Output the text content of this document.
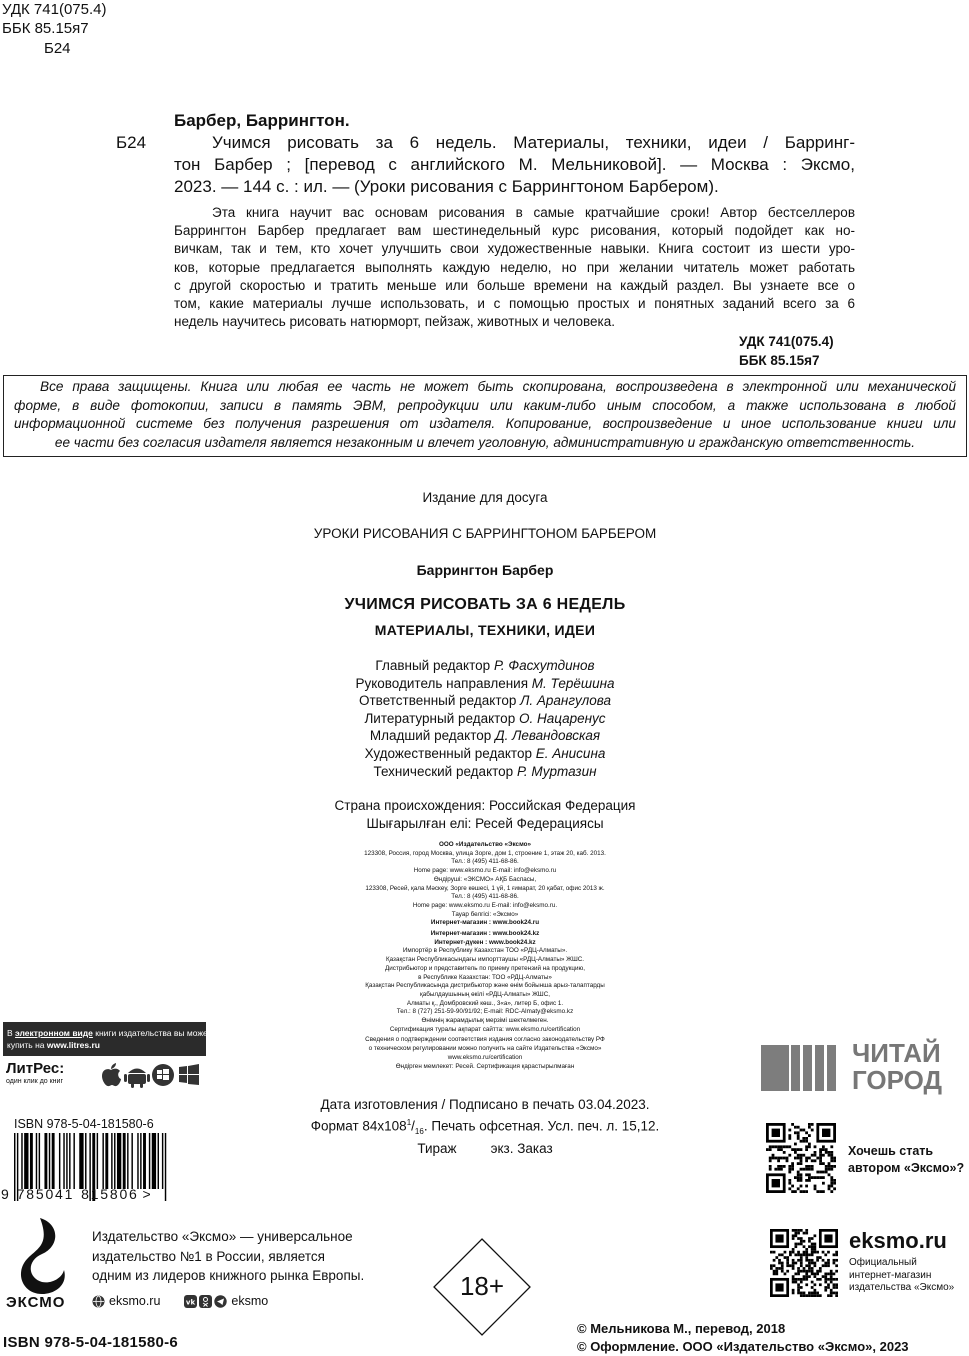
УДК 741(075.4)
ББК 85.15я7
Б24
Барбер, Баррингтон.
Учимся рисовать за 6 недель. Материалы, техники, идеи / Барринг-
тон Барбер ; [перевод с английского М. Мельниковой]. — Москва : Эксмо,
2023. — 144 с. : ил. — (Уроки рисования с Баррингтоном Барбером).
Эта книга научит вас основам рисования в самые кратчайшие сроки! Автор бестселлеров
Баррингтон Барбер предлагает вам шестинедельный курс рисования, который подойдет как но-
вичкам, так и тем, кто хочет улучшить свои художественные навыки. Книга состоит из шести уро-
ков, которые предлагается выполнять каждую неделю, но при желании читатель может работать
с другой скоростью и тратить меньше или больше времени на каждый раздел. Вы узнаете все о
том, какие материалы лучше использовать, и с помощью простых и понятных заданий всего за 6
недель научитесь рисовать натюрморт, пейзаж, животных и человека.
УДК 741(075.4)
ББК 85.15я7
Б24
Все права защищены. Книга или любая ее часть не может быть скопирована, воспроизведена в электронной или механической
форме, в виде фотокопии, записи в память ЭВМ, репродукции или каким-либо иным способом, а также использована в любой
информационной системе без получения разрешения от издателя. Копирование, воспроизведение и иное использование книги или
ее части без согласия издателя является незаконным и влечет уголовную, административную и гражданскую ответственность.
Издание для досуга
УРОКИ РИСОВАНИЯ С БАРРИНГТОНОМ БАРБЕРОМ
Баррингтон Барбер
УЧИМСЯ РИСОВАТЬ ЗА 6 НЕДЕЛЬ
МАТЕРИАЛЫ, ТЕХНИКИ, ИДЕИ
Главный редактор Р. Фасхутдинов
Руководитель направления М. Терёшина
Ответственный редактор Л. Арангулова
Литературный редактор О. Нацаренус
Младший редактор Д. Левандовская
Художественный редактор Е. Анисина
Технический редактор Р. Муртазин
Страна происхождения: Российская Федерация
Шығарылған елі: Ресей Федерациясы
ООО «Издательство «Эксмо»
123308, Россия, город Москва, улица Зорге, дом 1, строение 1, этаж 20, каб. 2013.
Тел.: 8 (495) 411-68-86.
Home page: www.eksmo.ru E-mail: info@eksmo.ru
Өндіруші: «ЭКСМО» АҚБ Баспасы,
123308, Ресей, қала Мәскеу, Зорге көшесі, 1 үй, 1 ғимарат, 20 қабат, офис 2013 ж.
Тел.: 8 (495) 411-68-86.
Home page: www.eksmo.ru E-mail: info@eksmo.ru.
Тауар белгісі: «Эксмо»
Интернет-магазин : www.book24.ru
Интернет-магазин : www.book24.kz
Интернет-дүкен : www.book24.kz
Импортёр в Республику Казахстан ТОО «РДЦ-Алматы».
Қазақстан Республикасындағы импорттаушы «РДЦ-Алматы» ЖШС.
Дистрибьютор и представитель по приему претензий на продукцию,
в Республике Казахстан: ТОО «РДЦ-Алматы»
Қазақстан Республикасында дистрибьютор және өнім бойынша арыз-талаптарды
қабылдаушының өкілі «РДЦ-Алматы» ЖШС,
Алматы қ., Домбровский көш., 3«а», литер Б, офис 1.
Тел.: 8 (727) 251-59-90/91/92; E-mail: RDC-Almaty@eksmo.kz
Өнімнің жарамдылық мерзімі шектелмеген.
Сертификация туралы ақпарат сайтта: www.eksmo.ru/certification
Сведения о подтверждении соответствия издания согласно законодательству РФ
о техническом регулировании можно получить на сайте Издательства «Эксмо»
www.eksmo.ru/certification
Өндірген мемлекет: Ресей. Сертификация қарастырылмаған
Дата изготовления / Подписано в печать 03.04.2023.
Формат $84x108^1/_{16}$. Печать офсетная. Усл. печ. л. 15,12.
Тираж	экз. Заказ
В электронном виде книги издательства вы можете
купить на www.litres.ru
ЛитРес:
один клик до книг
ISBN 978-5-04-181580-6
9 785041 815806 >
ЧИТАЙ
ГОРОД
Хочешь стать
автором «Эксмо»?
eksmo.ru
Официальный
интернет-магазин
издательства «Эксмо»
ЭКСМО
Издательство «Эксмо» — универсальное
издательство №1 в России, является
одним из лидеров книжного рынка Европы.
eksmo.ru	vk	eksmo	18+
ISBN 978-5-04-181580-6
© Мельникова М., перевод, 2018
© Оформление. ООО «Издательство «Эксмо», 2023
